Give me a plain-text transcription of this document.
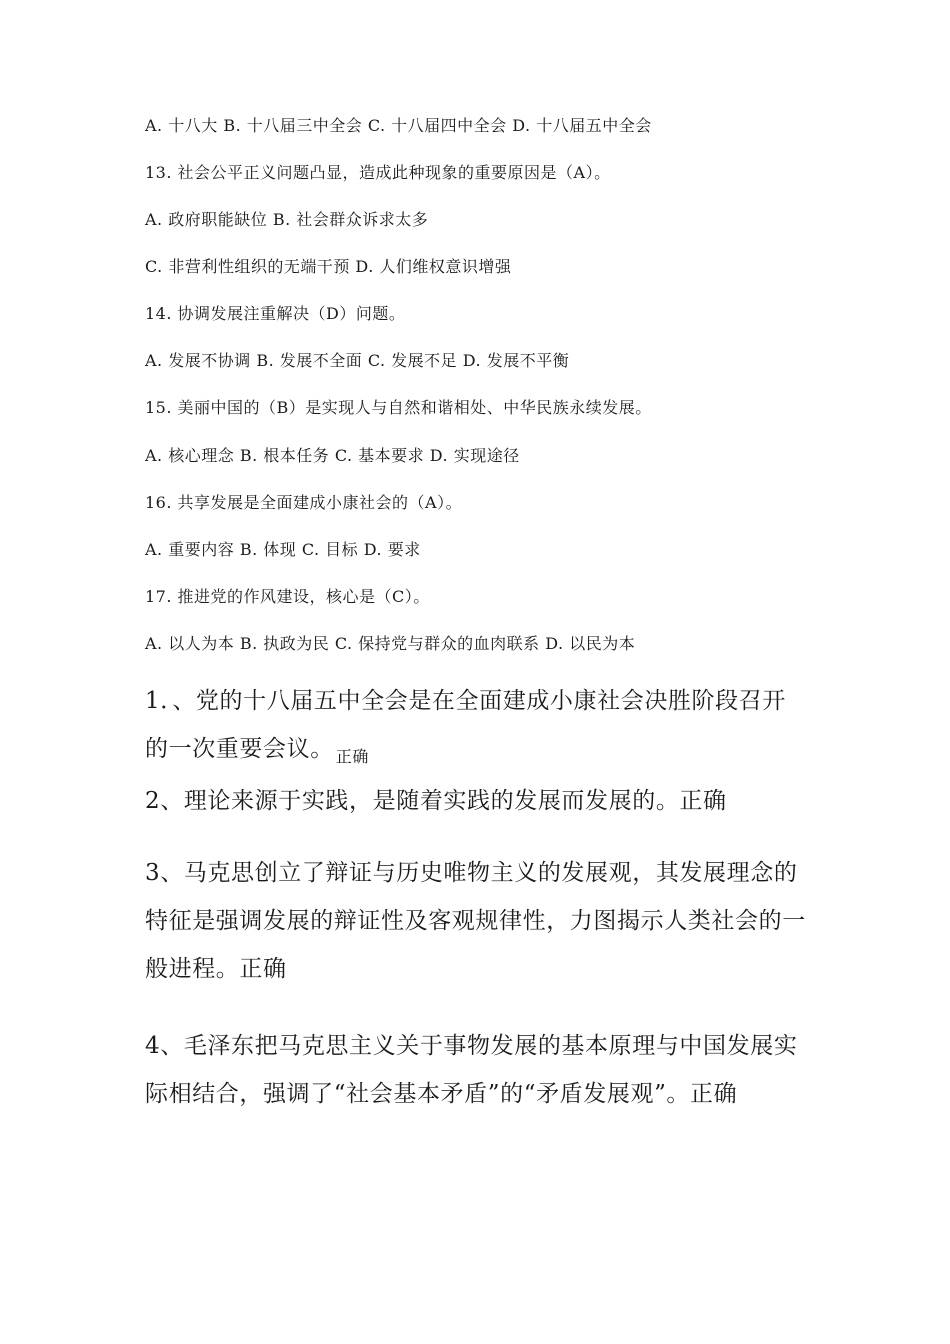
A. 十八大 B. 十八届三中全会 C. 十八届四中全会 D. 十八届五中全会
13. 社会公平正义问题凸显，造成此种现象的重要原因是（A）。
A. 政府职能缺位 B. 社会群众诉求太多
C. 非营利性组织的无端干预 D. 人们维权意识增强
14. 协调发展注重解决（D）问题。
A. 发展不协调 B. 发展不全面 C. 发展不足 D. 发展不平衡
15. 美丽中国的（B）是实现人与自然和谐相处、中华民族永续发展。
A. 核心理念 B. 根本任务 C. 基本要求 D. 实现途径
16. 共享发展是全面建成小康社会的（A）。
A. 重要内容 B. 体现 C. 目标 D. 要求
17. 推进党的作风建设，核心是（C）。
A. 以人为本 B. 执政为民 C. 保持党与群众的血肉联系 D. 以民为本
1．、党的十八届五中全会是在全面建成小康社会决胜阶段召开
的一次重要会议。 $_{正确}$
2、理论来源于实践，是随着实践的发展而发展的。正确
3、马克思创立了辩证与历史唯物主义的发展观，其发展理念的
特征是强调发展的辩证性及客观规律性，力图揭示人类社会的一
般进程。正确
4、毛泽东把马克思主义关于事物发展的基本原理与中国发展实
际相结合，强调了“社会基本矛盾”的“矛盾发展观”。正确
